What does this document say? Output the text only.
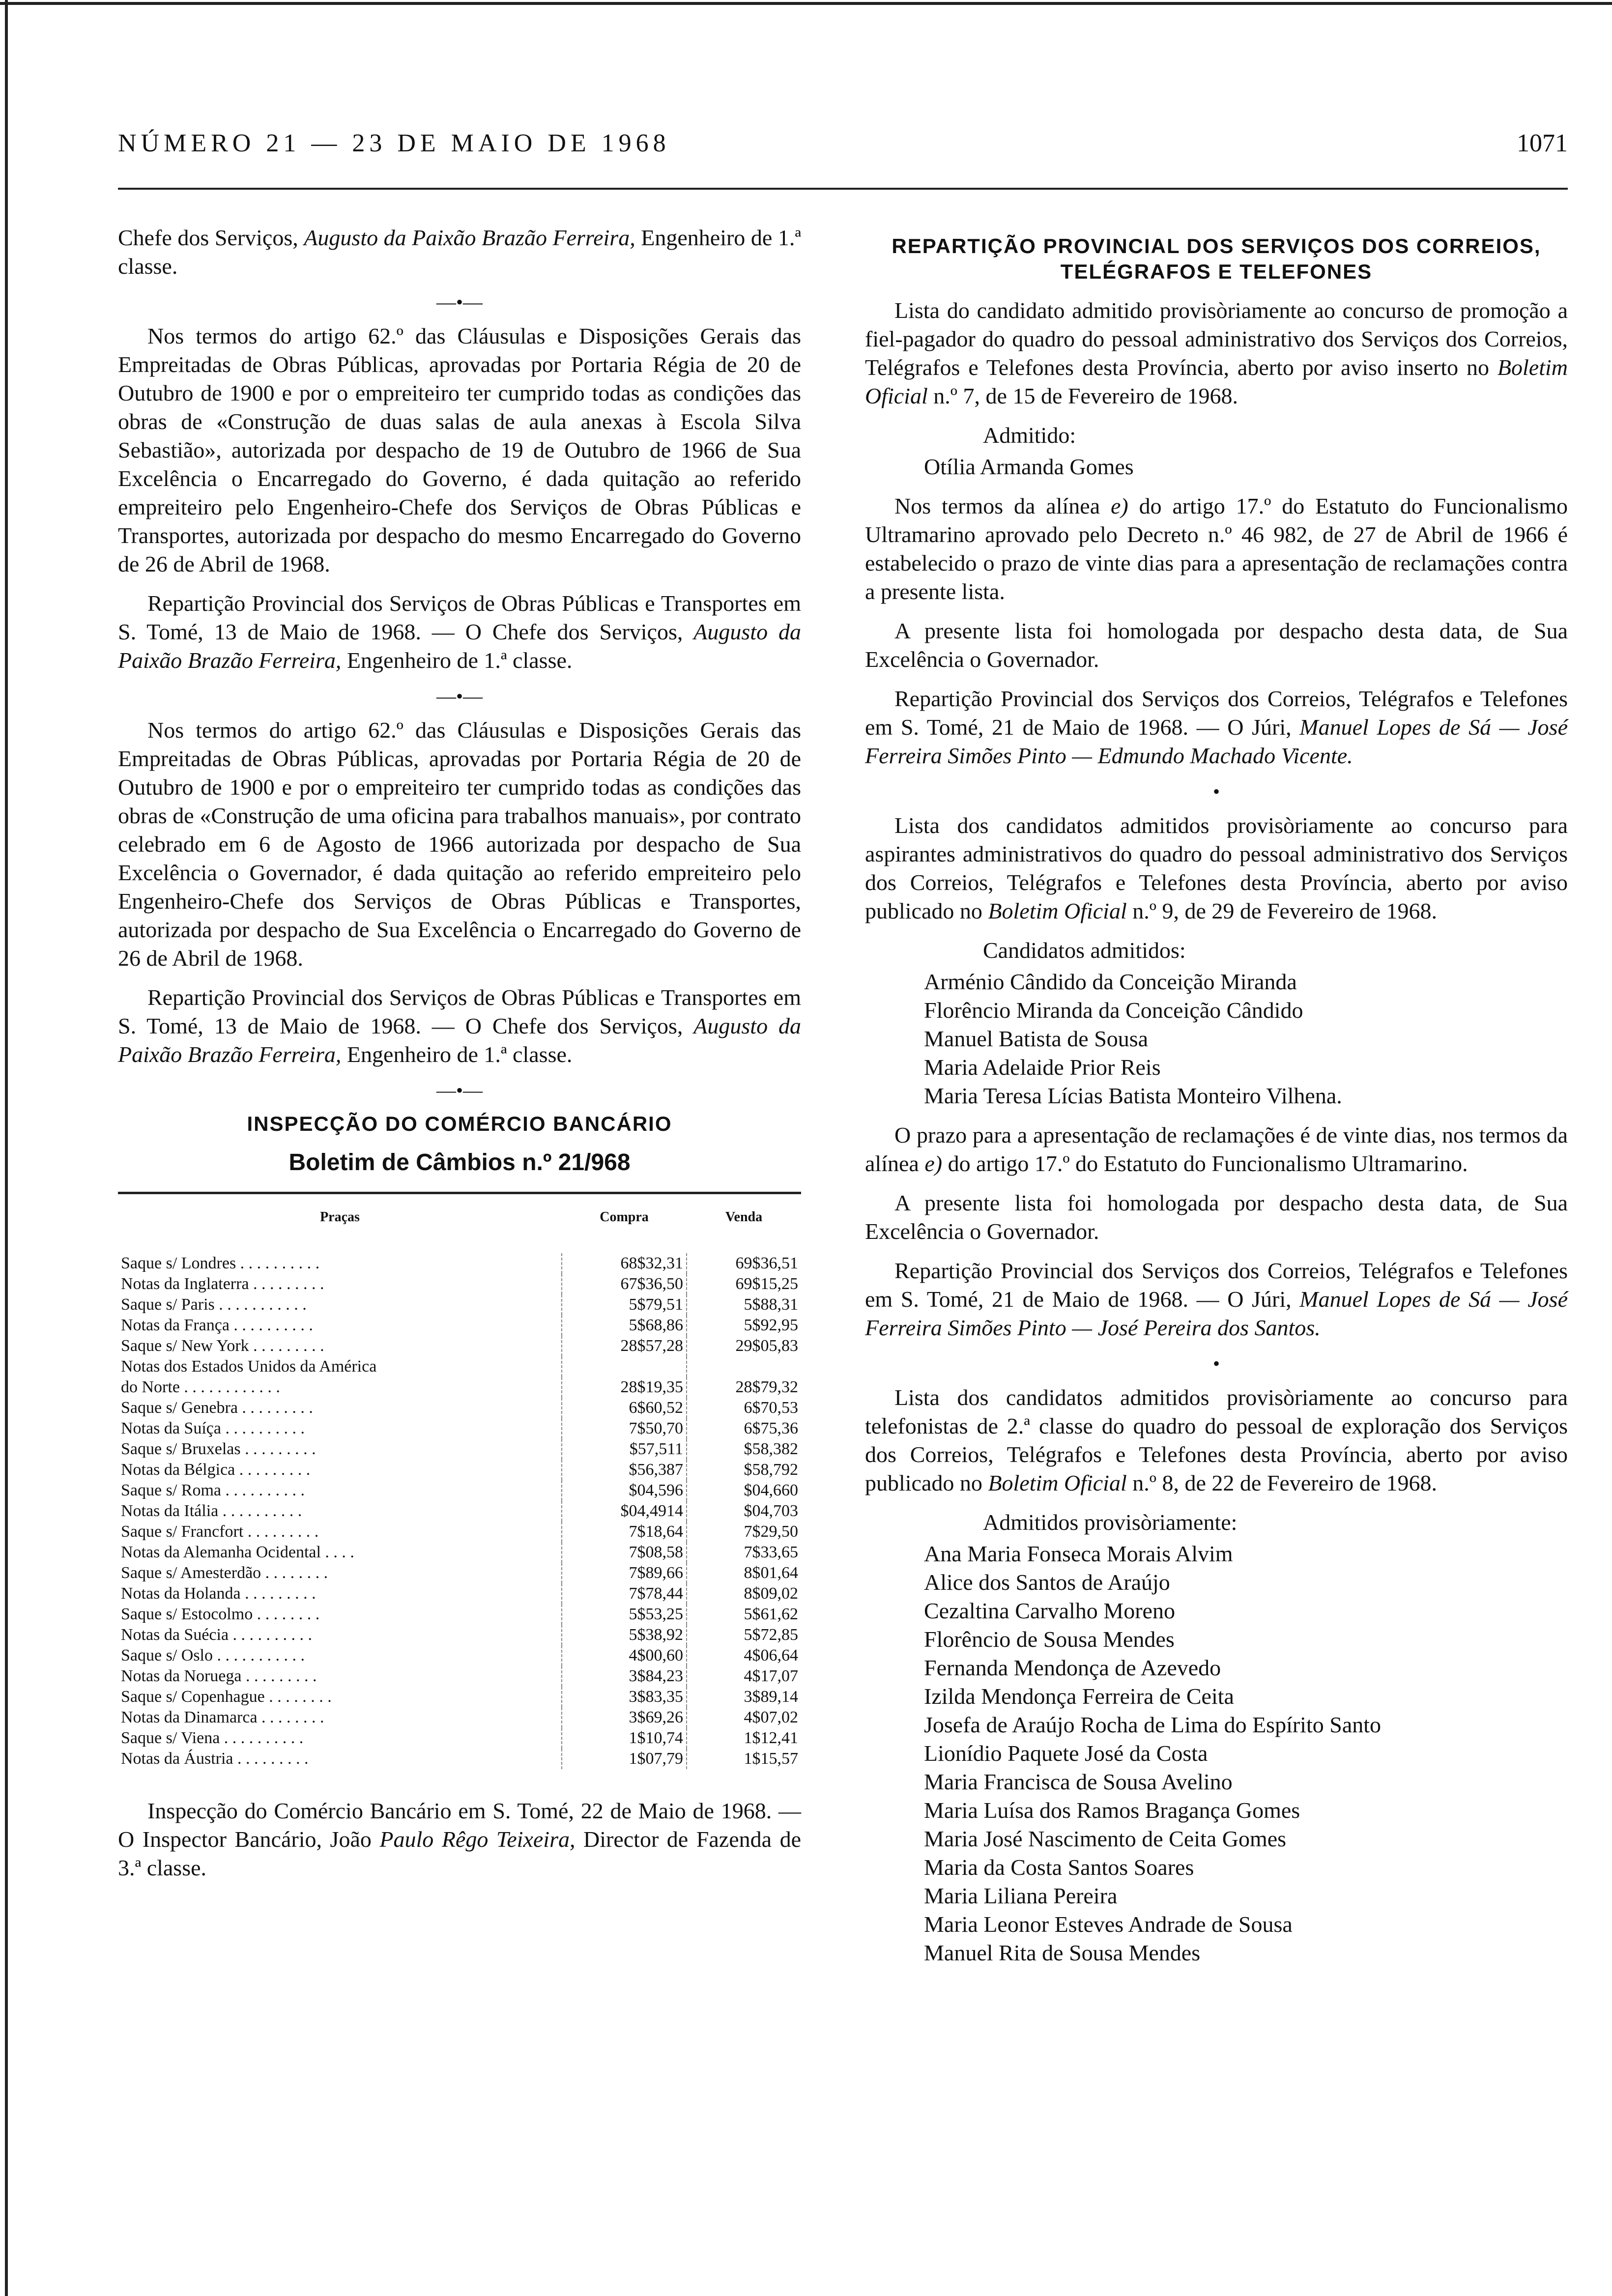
NÚMERO 21 — 23 DE MAIO DE 1968	1071

Chefe dos Serviços, Augusto da Paixão Brazão Ferreira, Engenheiro de 1.ª classe.

—•—

Nos termos do artigo 62.º das Cláusulas e Disposições Gerais das Empreitadas de Obras Públicas, aprovadas por Portaria Régia de 20 de Outubro de 1900 e por o empreiteiro ter cumprido todas as condições das obras de «Construção de duas salas de aula anexas à Escola Silva Sebastião», autorizada por despacho de 19 de Outubro de 1966 de Sua Excelência o Encarregado do Governo, é dada quitação ao referido empreiteiro pelo Engenheiro-Chefe dos Serviços de Obras Públicas e Transportes, autorizada por despacho do mesmo Encarregado do Governo de 26 de Abril de 1968.

Repartição Provincial dos Serviços de Obras Públicas e Transportes em S. Tomé, 13 de Maio de 1968. — O Chefe dos Serviços, Augusto da Paixão Brazão Ferreira, Engenheiro de 1.ª classe.

—•—

Nos termos do artigo 62.º das Cláusulas e Disposições Gerais das Empreitadas de Obras Públicas, aprovadas por Portaria Régia de 20 de Outubro de 1900 e por o empreiteiro ter cumprido todas as condições das obras de «Construção de uma oficina para trabalhos manuais», por contrato celebrado em 6 de Agosto de 1966 autorizada por despacho de Sua Excelência o Governador, é dada quitação ao referido empreiteiro pelo Engenheiro-Chefe dos Serviços de Obras Públicas e Transportes, autorizada por despacho de Sua Excelência o Encarregado do Governo de 26 de Abril de 1968.

Repartição Provincial dos Serviços de Obras Públicas e Transportes em S. Tomé, 13 de Maio de 1968. — O Chefe dos Serviços, Augusto da Paixão Brazão Ferreira, Engenheiro de 1.ª classe.

—•—
INSPECÇÃO DO COMÉRCIO BANCÁRIO
Boletim de Câmbios n.º 21/968
Praças	Compra	Venda
Saque s/ Londres . . . . . . . . . .	68$32,31	69$36,51
Notas da Inglaterra . . . . . . . . .	67$36,50	69$15,25
Saque s/ Paris . . . . . . . . . . .	5$79,51	5$88,31
Notas da França . . . . . . . . . .	5$68,86	5$92,95
Saque s/ New York . . . . . . . . .	28$57,28	29$05,83
Notas dos Estados Unidos da América		
do Norte . . . . . . . . . . . .	28$19,35	28$79,32
Saque s/ Genebra . . . . . . . . .	6$60,52	6$70,53
Notas da Suíça . . . . . . . . . .	7$50,70	6$75,36
Saque s/ Bruxelas . . . . . . . . .	$57,511	$58,382
Notas da Bélgica . . . . . . . . .	$56,387	$58,792
Saque s/ Roma . . . . . . . . . .	$04,596	$04,660
Notas da Itália . . . . . . . . . .	$04,4914	$04,703
Saque s/ Francfort . . . . . . . . .	7$18,64	7$29,50
Notas da Alemanha Ocidental . . . .	7$08,58	7$33,65
Saque s/ Amesterdão . . . . . . . .	7$89,66	8$01,64
Notas da Holanda . . . . . . . . .	7$78,44	8$09,02
Saque s/ Estocolmo . . . . . . . .	5$53,25	5$61,62
Notas da Suécia . . . . . . . . . .	5$38,92	5$72,85
Saque s/ Oslo . . . . . . . . . . .	4$00,60	4$06,64
Notas da Noruega . . . . . . . . .	3$84,23	4$17,07
Saque s/ Copenhague . . . . . . . .	3$83,35	3$89,14
Notas da Dinamarca . . . . . . . .	3$69,26	4$07,02
Saque s/ Viena . . . . . . . . . .	1$10,74	1$12,41
Notas da Áustria . . . . . . . . .	1$07,79	1$15,57

Inspecção do Comércio Bancário em S. Tomé, 22 de Maio de 1968. — O Inspector Bancário, João Paulo Rêgo Teixeira, Director de Fazenda de 3.ª classe.

REPARTIÇÃO PROVINCIAL DOS SERVIÇOS DOS CORREIOS, TELÉGRAFOS E TELEFONES

Lista do candidato admitido provisòriamente ao concurso de promoção a fiel-pagador do quadro do pessoal administrativo dos Serviços dos Correios, Telégrafos e Telefones desta Província, aberto por aviso inserto no Boletim Oficial n.º 7, de 15 de Fevereiro de 1968.

Admitido:
Otília Armanda Gomes

Nos termos da alínea e) do artigo 17.º do Estatuto do Funcionalismo Ultramarino aprovado pelo Decreto n.º 46 982, de 27 de Abril de 1966 é estabelecido o prazo de vinte dias para a apresentação de reclamações contra a presente lista.

A presente lista foi homologada por despacho desta data, de Sua Excelência o Governador.

Repartição Provincial dos Serviços dos Correios, Telégrafos e Telefones em S. Tomé, 21 de Maio de 1968. — O Júri, Manuel Lopes de Sá — José Ferreira Simões Pinto — Edmundo Machado Vicente.

•

Lista dos candidatos admitidos provisòriamente ao concurso para aspirantes administrativos do quadro do pessoal administrativo dos Serviços dos Correios, Telégrafos e Telefones desta Província, aberto por aviso publicado no Boletim Oficial n.º 9, de 29 de Fevereiro de 1968.

Candidatos admitidos:
Arménio Cândido da Conceição Miranda
Florêncio Miranda da Conceição Cândido
Manuel Batista de Sousa
Maria Adelaide Prior Reis
Maria Teresa Lícias Batista Monteiro Vilhena.

O prazo para a apresentação de reclamações é de vinte dias, nos termos da alínea e) do artigo 17.º do Estatuto do Funcionalismo Ultramarino.

A presente lista foi homologada por despacho desta data, de Sua Excelência o Governador.

Repartição Provincial dos Serviços dos Correios, Telégrafos e Telefones em S. Tomé, 21 de Maio de 1968. — O Júri, Manuel Lopes de Sá — José Ferreira Simões Pinto — José Pereira dos Santos.

•

Lista dos candidatos admitidos provisòriamente ao concurso para telefonistas de 2.ª classe do quadro do pessoal de exploração dos Serviços dos Correios, Telégrafos e Telefones desta Província, aberto por aviso publicado no Boletim Oficial n.º 8, de 22 de Fevereiro de 1968.

Admitidos provisòriamente:
Ana Maria Fonseca Morais Alvim
Alice dos Santos de Araújo
Cezaltina Carvalho Moreno
Florêncio de Sousa Mendes
Fernanda Mendonça de Azevedo
Izilda Mendonça Ferreira de Ceita
Josefa de Araújo Rocha de Lima do Espírito Santo
Lionídio Paquete José da Costa
Maria Francisca de Sousa Avelino
Maria Luísa dos Ramos Bragança Gomes
Maria José Nascimento de Ceita Gomes
Maria da Costa Santos Soares
Maria Liliana Pereira
Maria Leonor Esteves Andrade de Sousa
Manuel Rita de Sousa Mendes
